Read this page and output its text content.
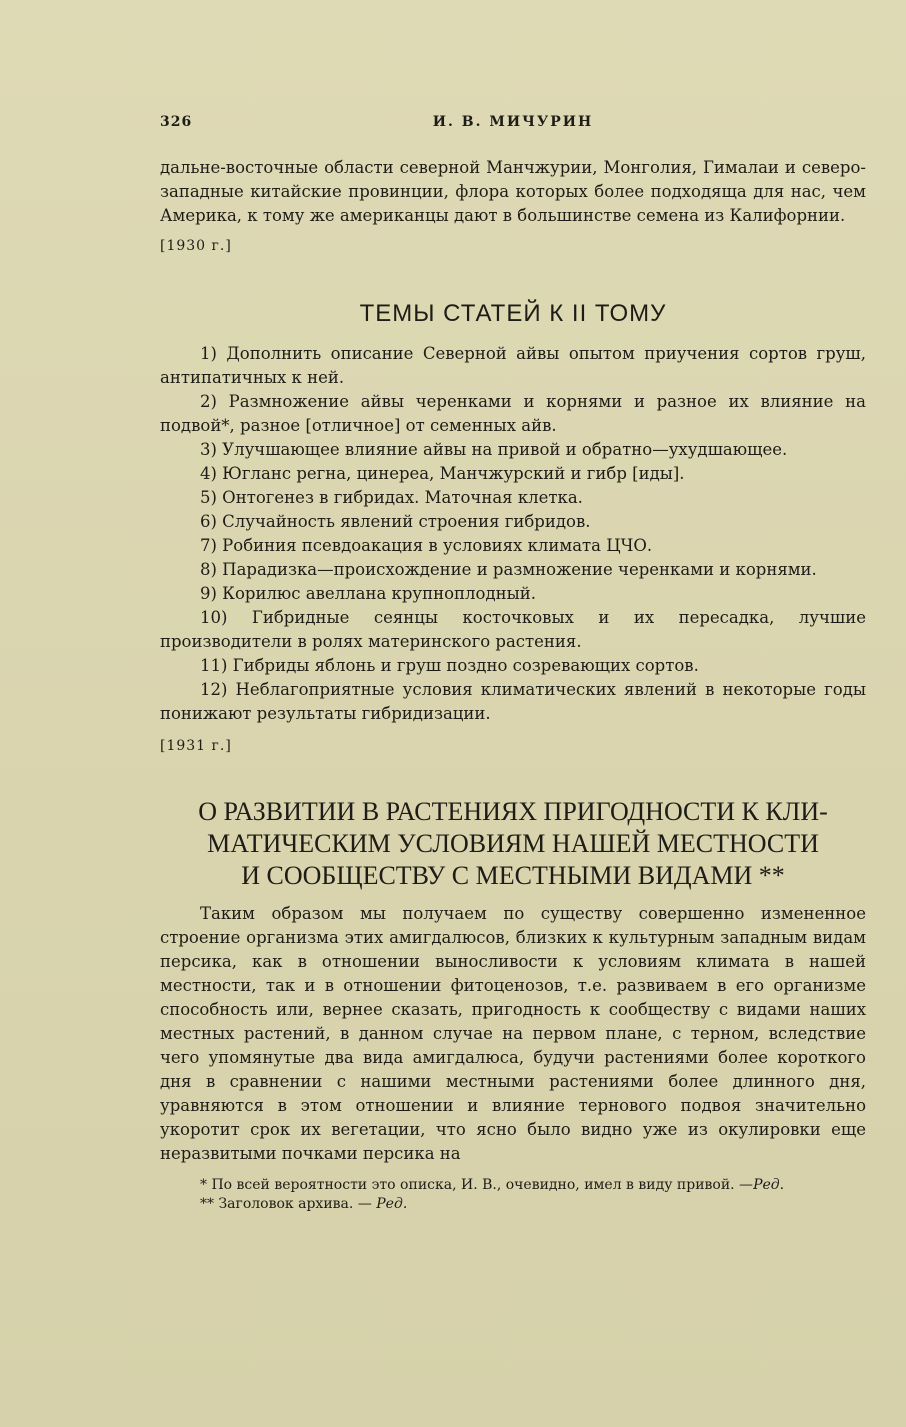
326	И. В. МИЧУРИН

дальне-восточные области северной Манчжурии, Монголия, Гималаи и северо-западные китайские провинции, флора которых более подходяща для нас, чем Америка, к тому же американцы дают в большинстве семена из Калифорнии.

[1930 г.]

ТЕМЫ СТАТЕЙ К II ТОМУ

1) Дополнить описание Северной айвы опытом приучения сортов груш, антипатичных к ней.

2) Размножение айвы черенками и корнями и разное их влияние на подвой*, разное [отличное] от семенных айв.

3) Улучшающее влияние айвы на привой и обратно—ухудшающее.

4) Югланс регна, цинереа, Манчжурский и гибр [иды].

5) Онтогенез в гибридах. Маточная клетка.

6) Случайность явлений строения гибридов.

7) Робиния псевдоакация в условиях климата ЦЧО.

8) Парадизка—происхождение и размножение черенками и корнями.

9) Корилюс авеллана крупноплодный.

10) Гибридные сеянцы косточковых и их пересадка, лучшие производители в ролях материнского растения.

11) Гибриды яблонь и груш поздно созревающих сортов.

12) Неблагоприятные условия климатических явлений в некоторые годы понижают результаты гибридизации.

[1931 г.]

О РАЗВИТИИ В РАСТЕНИЯХ ПРИГОДНОСТИ К КЛИ-
МАТИЧЕСКИМ УСЛОВИЯМ НАШЕЙ МЕСТНОСТИ
И СООБЩЕСТВУ С МЕСТНЫМИ ВИДАМИ **

Таким образом мы получаем по существу совершенно измененное строение организма этих амигдалюсов, близких к культурным западным видам персика, как в отношении выносливости к условиям климата в нашей местности, так и в отношении фитоценозов, т.е. развиваем в его организме способность или, вернее сказать, пригодность к сообществу с видами наших местных растений, в данном случае на первом плане, с терном, вследствие чего упомянутые два вида амигдалюса, будучи растениями более короткого дня в сравнении с нашими местными растениями более длинного дня, уравняются в этом отношении и влияние тернового подвоя значительно укоротит срок их вегетации, что ясно было видно уже из окулировки еще неразвитыми почками персика на

* По всей вероятности это описка, И. В., очевидно, имел в виду привой. —Ред.

** Заголовок архива. — Ред.
